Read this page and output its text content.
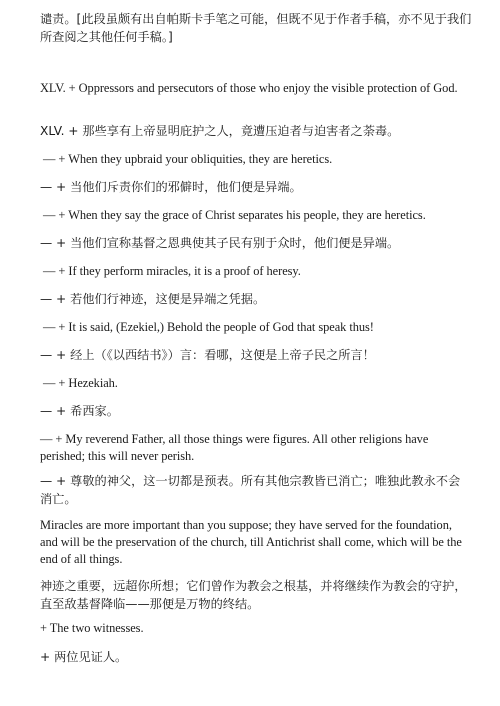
谴责。[此段虽颇有出自帕斯卡手笔之可能，但既不见于作者手稿，亦不见于我们所查阅之其他任何手稿。]

XLV. + Oppressors and persecutors of those who enjoy the visible protection of God.

XLV. + 那些享有上帝显明庇护之人，竟遭压迫者与迫害者之荼毒。

— + When they upbraid your obliquities, they are heretics.

— + 当他们斥责你们的邪僻时，他们便是异端。

— + When they say the grace of Christ separates his people, they are heretics.

— + 当他们宣称基督之恩典使其子民有别于众时，他们便是异端。

— + If they perform miracles, it is a proof of heresy.

— + 若他们行神迹，这便是异端之凭据。

— + It is said, (Ezekiel,) Behold the people of God that speak thus!

— + 经上（《以西结书》）言：看哪，这便是上帝子民之所言！

— + Hezekiah.

— + 希西家。

— + My reverend Father, all those things were figures. All other religions have perished; this will never perish.

— + 尊敬的神父，这一切都是预表。所有其他宗教皆已消亡；唯独此教永不会消亡。

Miracles are more important than you suppose; they have served for the foundation, and will be the preservation of the church, till Antichrist shall come, which will be the end of all things.

神迹之重要，远超你所想；它们曾作为教会之根基，并将继续作为教会的守护，直至敌基督降临——那便是万物的终结。

+ The two witnesses.

+ 两位见证人。
